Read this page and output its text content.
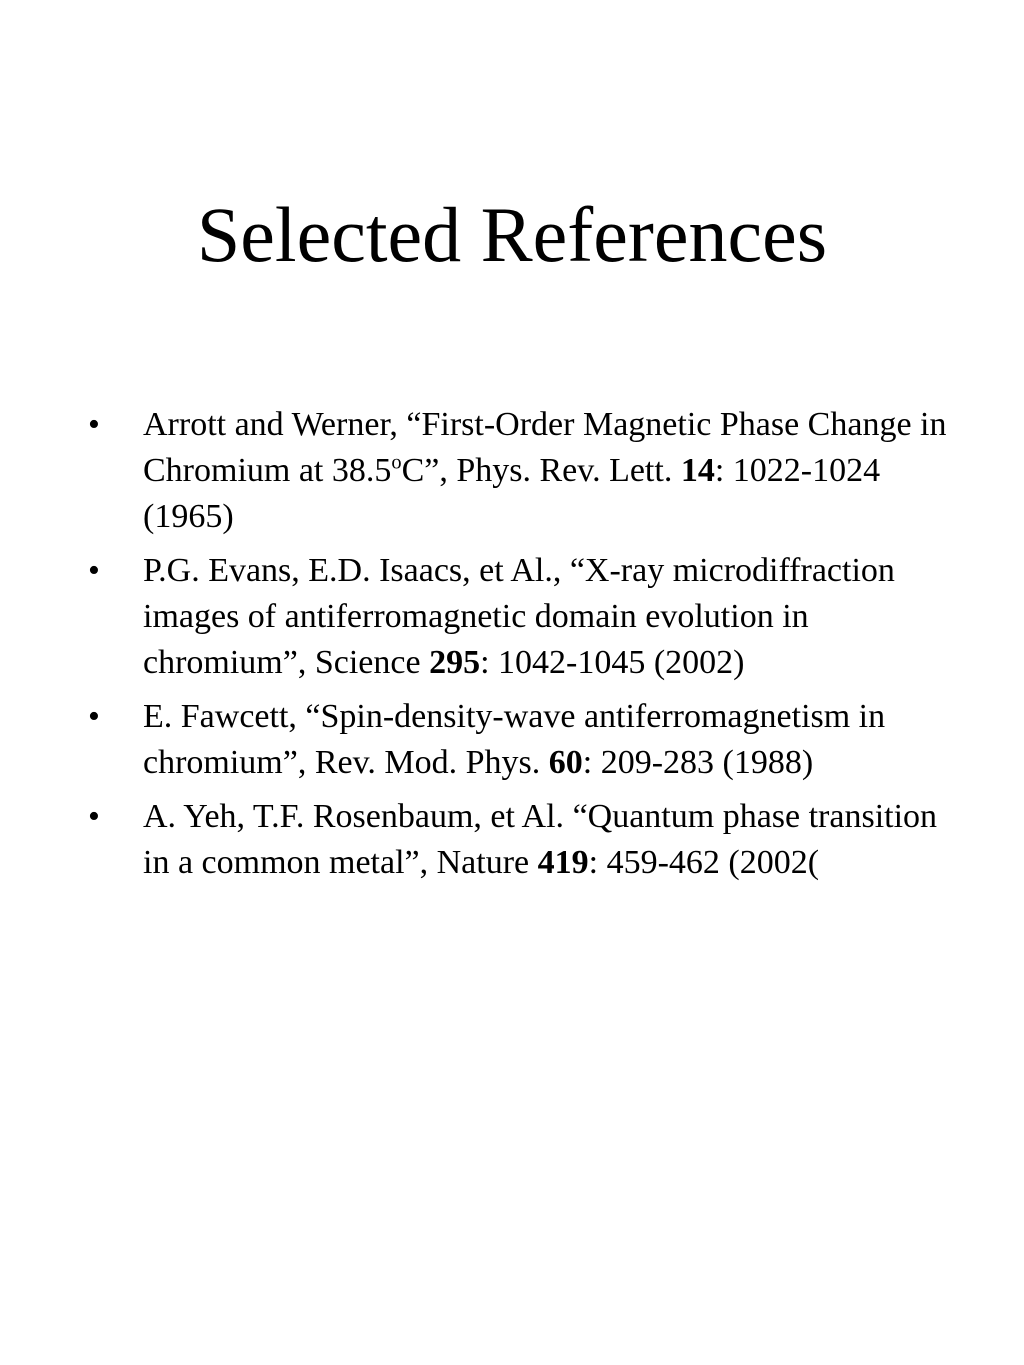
Selected References
•	Arrott and Werner, “First-Order Magnetic Phase Change in Chromium at 38.5$^o$C”, Phys. Rev. Lett. 14: 1022-1024 (1965)
•	P.G. Evans, E.D. Isaacs, et Al., “X-ray microdiffraction images of antiferromagnetic domain evolution in chromium”, Science 295: 1042-1045 (2002)
•	E. Fawcett, “Spin-density-wave antiferromagnetism in chromium”, Rev. Mod. Phys. 60: 209-283 (1988)
•	A. Yeh, T.F. Rosenbaum, et Al. “Quantum phase transition in a common metal”, Nature 419: 459-462 (2002(
